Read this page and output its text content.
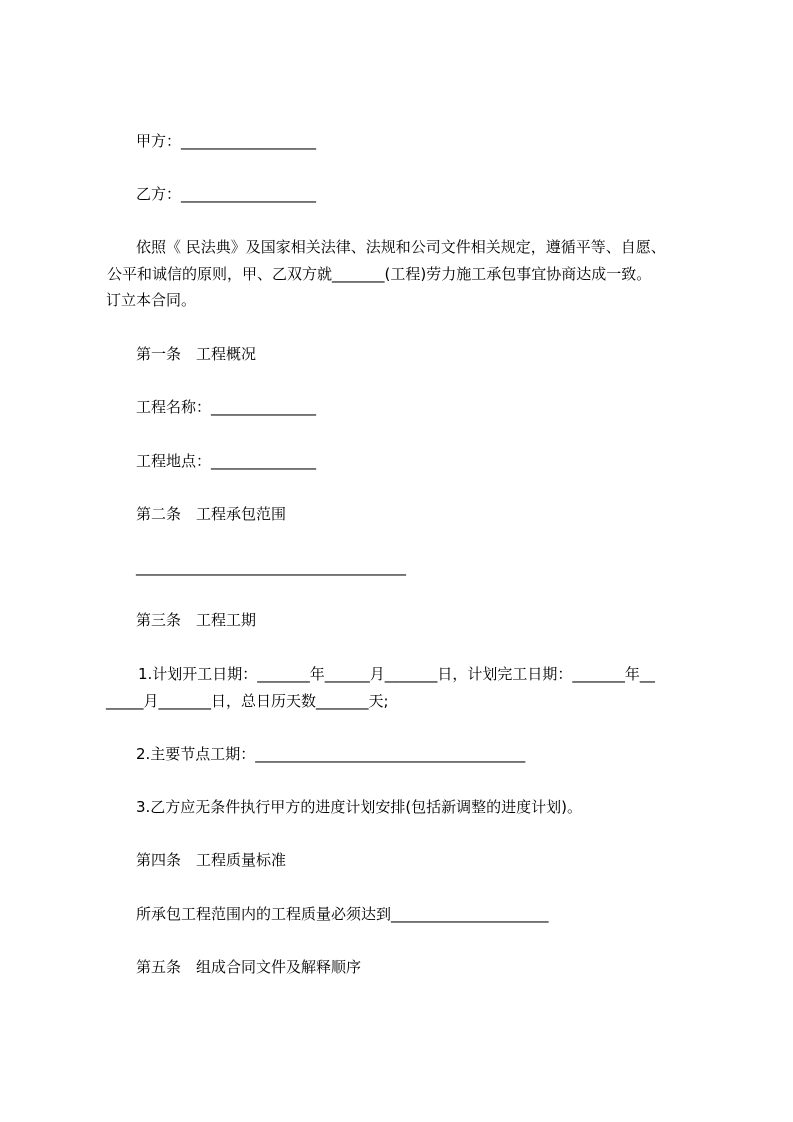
甲方：__________________
乙方：__________________
依照《 民法典》及国家相关法律、法规和公司文件相关规定，遵循平等、自愿、
公平和诚信的原则，甲、乙双方就_______(工程)劳力施工承包事宜协商达成一致。
订立本合同。
第一条　工程概况
工程名称：______________
工程地点：______________
第二条　工程承包范围
____________________________________
第三条　工程工期
1.计划开工日期：_______年______月_______日，计划完工日期：_______年__
_____月_______日，总日历天数_______天;
2.主要节点工期：____________________________________
3.乙方应无条件执行甲方的进度计划安排(包括新调整的进度计划)。
第四条　工程质量标准
所承包工程范围内的工程质量必须达到_____________________
第五条　组成合同文件及解释顺序
